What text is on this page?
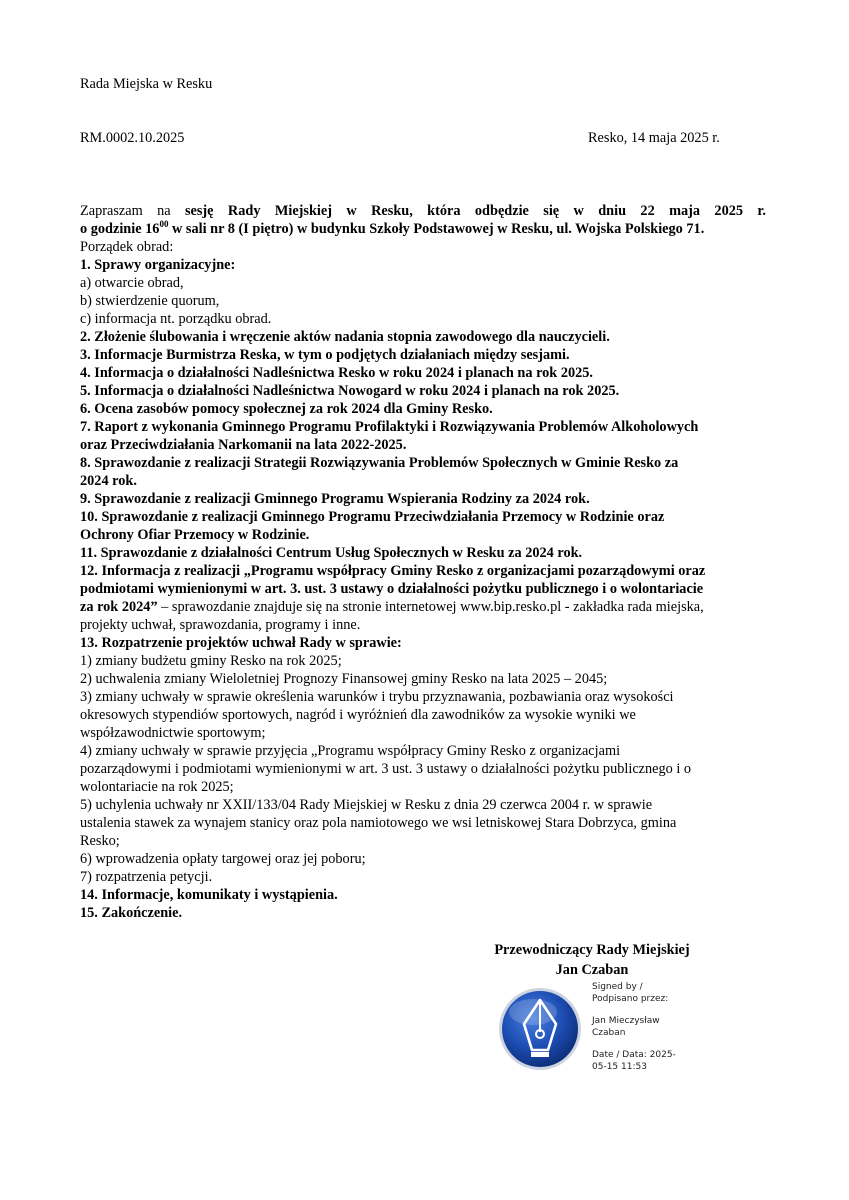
Rada Miejska w Resku
RM.0002.10.2025	Resko, 14 maja 2025 r.
Zapraszam na sesję Rady Miejskiej w Resku, która odbędzie się w dniu 22 maja 2025 r.
o godzinie $16^{00}$ w sali nr 8 (I piętro) w budynku Szkoły Podstawowej w Resku, ul. Wojska Polskiego 71.
Porządek obrad:
1. Sprawy organizacyjne:
a) otwarcie obrad,
b) stwierdzenie quorum,
c) informacja nt. porządku obrad.
2. Złożenie ślubowania i wręczenie aktów nadania stopnia zawodowego dla nauczycieli.
3. Informacje Burmistrza Reska, w tym o podjętych działaniach między sesjami.
4. Informacja o działalności Nadleśnictwa Resko w roku 2024 i planach na rok 2025.
5. Informacja o działalności Nadleśnictwa Nowogard w roku 2024 i planach na rok 2025.
6. Ocena zasobów pomocy społecznej za rok 2024 dla Gminy Resko.
7. Raport z wykonania Gminnego Programu Profilaktyki i Rozwiązywania Problemów Alkoholowych
oraz Przeciwdziałania Narkomanii na lata 2022-2025.
8. Sprawozdanie z realizacji Strategii Rozwiązywania Problemów Społecznych w Gminie Resko za
2024 rok.
9. Sprawozdanie z realizacji Gminnego Programu Wspierania Rodziny za 2024 rok.
10. Sprawozdanie z realizacji Gminnego Programu Przeciwdziałania Przemocy w Rodzinie oraz
Ochrony Ofiar Przemocy w Rodzinie.
11. Sprawozdanie z działalności Centrum Usług Społecznych w Resku za 2024 rok.
12. Informacja z realizacji „Programu współpracy Gminy Resko z organizacjami pozarządowymi oraz
podmiotami wymienionymi w art. 3. ust. 3 ustawy o działalności pożytku publicznego i o wolontariacie
za rok 2024” – sprawozdanie znajduje się na stronie internetowej www.bip.resko.pl - zakładka rada miejska,
projekty uchwał, sprawozdania, programy i inne.
13. Rozpatrzenie projektów uchwał Rady w sprawie:
1) zmiany budżetu gminy Resko na rok 2025;
2) uchwalenia zmiany Wieloletniej Prognozy Finansowej gminy Resko na lata 2025 – 2045;
3) zmiany uchwały w sprawie określenia warunków i trybu przyznawania, pozbawiania oraz wysokości
okresowych stypendiów sportowych, nagród i wyróżnień dla zawodników za wysokie wyniki we
współzawodnictwie sportowym;
4) zmiany uchwały w sprawie przyjęcia „Programu współpracy Gminy Resko z organizacjami
pozarządowymi i podmiotami wymienionymi w art. 3 ust. 3 ustawy o działalności pożytku publicznego i o
wolontariacie na rok 2025;
5) uchylenia uchwały nr XXII/133/04 Rady Miejskiej w Resku z dnia 29 czerwca 2004 r. w sprawie
ustalenia stawek za wynajem stanicy oraz pola namiotowego we wsi letniskowej Stara Dobrzyca, gmina
Resko;
6) wprowadzenia opłaty targowej oraz jej poboru;
7) rozpatrzenia petycji.
14. Informacje, komunikaty i wystąpienia.
15. Zakończenie.
Przewodniczący Rady Miejskiej
Jan Czaban
Signed by /
Podpisano przez:
Jan Mieczysław
Czaban
Date / Data: 2025-
05-15 11:53
